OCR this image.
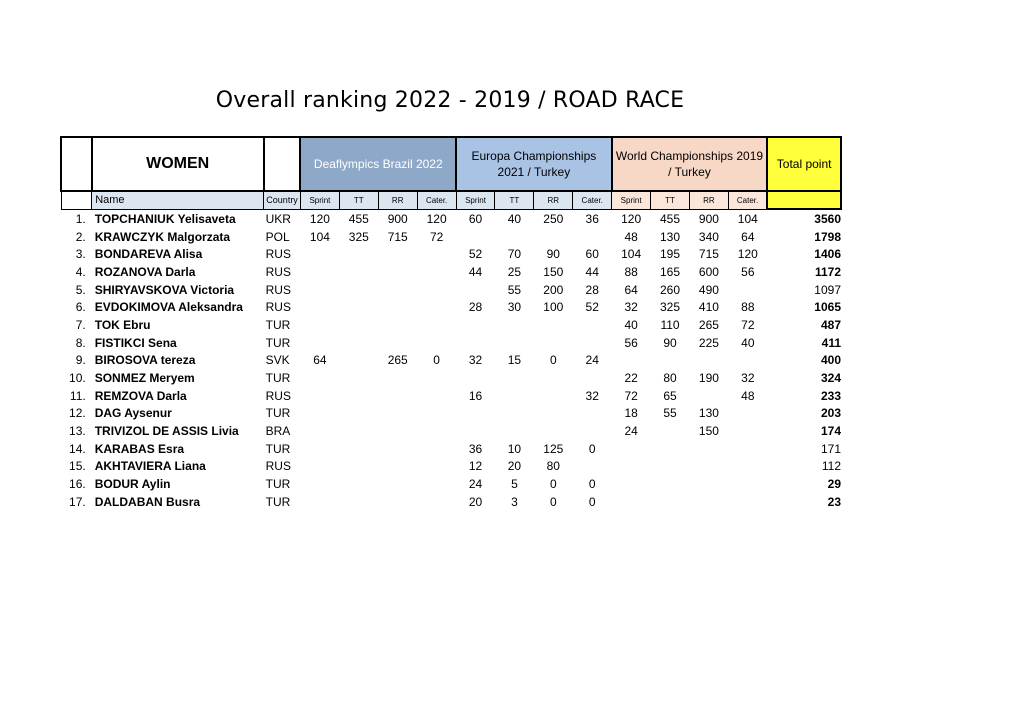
Overall ranking 2022 - 2019 / ROAD RACE
	WOMEN		Deaflympics Brazil 2022				Europa Championships 2021 / Turkey				World Championships 2019 / Turkey				Total point
	Name	Country	Sprint	TT	RR	Cater.	Sprint	TT	RR	Cater.	Sprint	TT	RR	Cater.	
1.	TOPCHANIUK Yelisaveta	UKR	120	455	900	120	60	40	250	36	120	455	900	104	3560
2.	KRAWCZYK Malgorzata	POL	104	325	715	72					48	130	340	64	1798
3.	BONDAREVA Alisa	RUS					52	70	90	60	104	195	715	120	1406
4.	ROZANOVA Darla	RUS					44	25	150	44	88	165	600	56	1172
5.	SHIRYAVSKOVA Victoria	RUS						55	200	28	64	260	490		1097
6.	EVDOKIMOVA Aleksandra	RUS					28	30	100	52	32	325	410	88	1065
7.	TOK Ebru	TUR									40	110	265	72	487
8.	FISTIKCI Sena	TUR									56	90	225	40	411
9.	BIROSOVA tereza	SVK	64		265	0	32	15	0	24					400
10.	SONMEZ Meryem	TUR									22	80	190	32	324
11.	REMZOVA Darla	RUS					16			32	72	65		48	233
12.	DAG Aysenur	TUR									18	55	130		203
13.	TRIVIZOL DE ASSIS Livia	BRA									24		150		174
14.	KARABAS Esra	TUR					36	10	125	0					171
15.	AKHTAVIERA Liana	RUS					12	20	80						112
16.	BODUR Aylin	TUR					24	5	0	0					29
17.	DALDABAN Busra	TUR					20	3	0	0					23
